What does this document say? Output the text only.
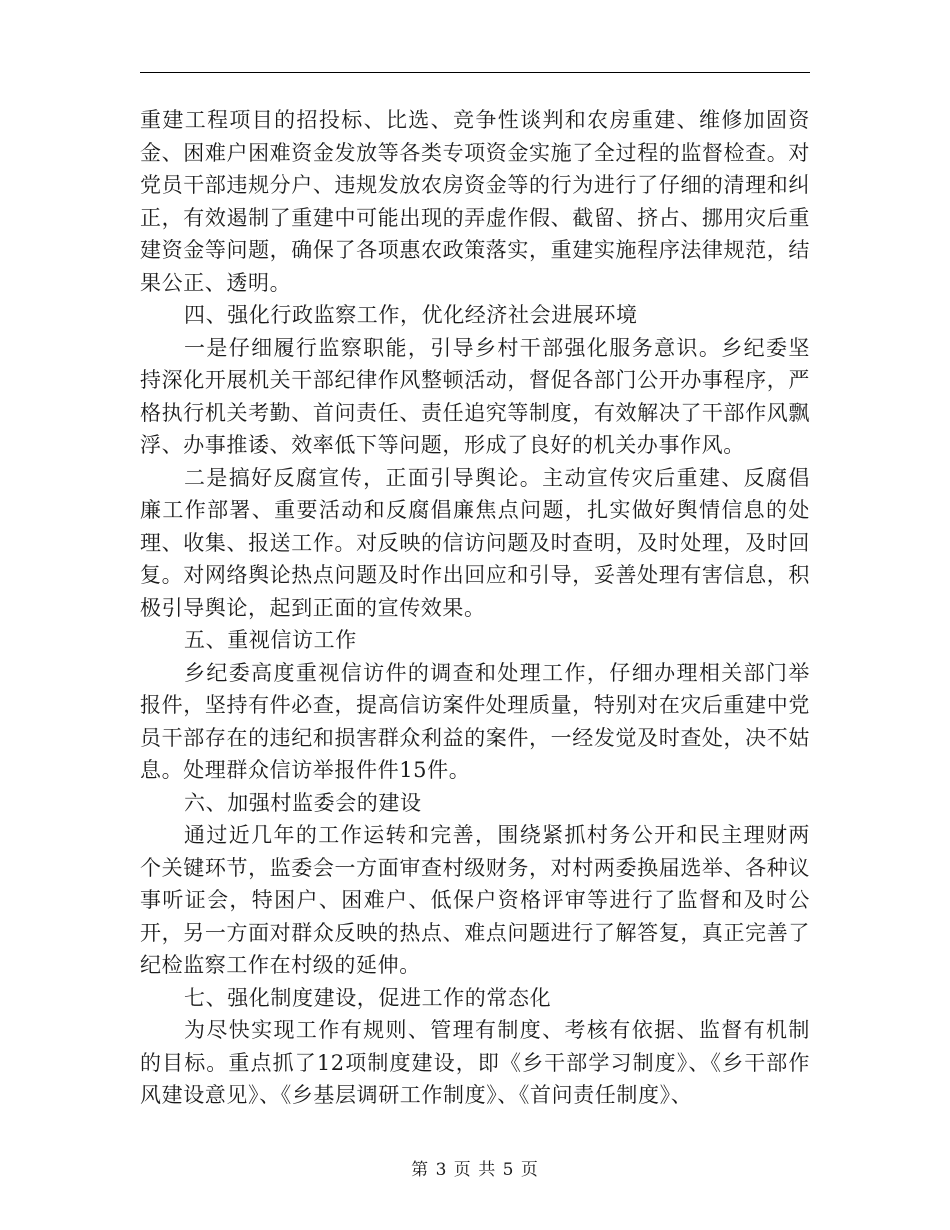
重建工程项目的招投标、比选、竞争性谈判和农房重建、维修加固资金、困难户困难资金发放等各类专项资金实施了全过程的监督检查。对党员干部违规分户、违规发放农房资金等的行为进行了仔细的清理和纠正，有效遏制了重建中可能出现的弄虚作假、截留、挤占、挪用灾后重建资金等问题，确保了各项惠农政策落实，重建实施程序法律规范，结果公正、透明。

四、强化行政监察工作，优化经济社会进展环境

一是仔细履行监察职能，引导乡村干部强化服务意识。乡纪委坚持深化开展机关干部纪律作风整顿活动，督促各部门公开办事程序，严格执行机关考勤、首问责任、责任追究等制度，有效解决了干部作风飘浮、办事推诿、效率低下等问题，形成了良好的机关办事作风。

二是搞好反腐宣传，正面引导舆论。主动宣传灾后重建、反腐倡廉工作部署、重要活动和反腐倡廉焦点问题，扎实做好舆情信息的处理、收集、报送工作。对反映的信访问题及时查明，及时处理，及时回复。对网络舆论热点问题及时作出回应和引导，妥善处理有害信息，积极引导舆论，起到正面的宣传效果。

五、重视信访工作

乡纪委高度重视信访件的调查和处理工作，仔细办理相关部门举报件，坚持有件必查，提高信访案件处理质量，特别对在灾后重建中党员干部存在的违纪和损害群众利益的案件，一经发觉及时查处，决不姑息。处理群众信访举报件件15件。

六、加强村监委会的建设

通过近几年的工作运转和完善，围绕紧抓村务公开和民主理财两个关键环节，监委会一方面审查村级财务，对村两委换届选举、各种议事听证会，特困户、困难户、低保户资格评审等进行了监督和及时公开，另一方面对群众反映的热点、难点问题进行了解答复，真正完善了纪检监察工作在村级的延伸。

七、强化制度建设，促进工作的常态化

为尽快实现工作有规则、管理有制度、考核有依据、监督有机制的目标。重点抓了12项制度建设，即《乡干部学习制度》、《乡干部作风建设意见》、《乡基层调研工作制度》、《首问责任制度》、

第 3 页 共 5 页
